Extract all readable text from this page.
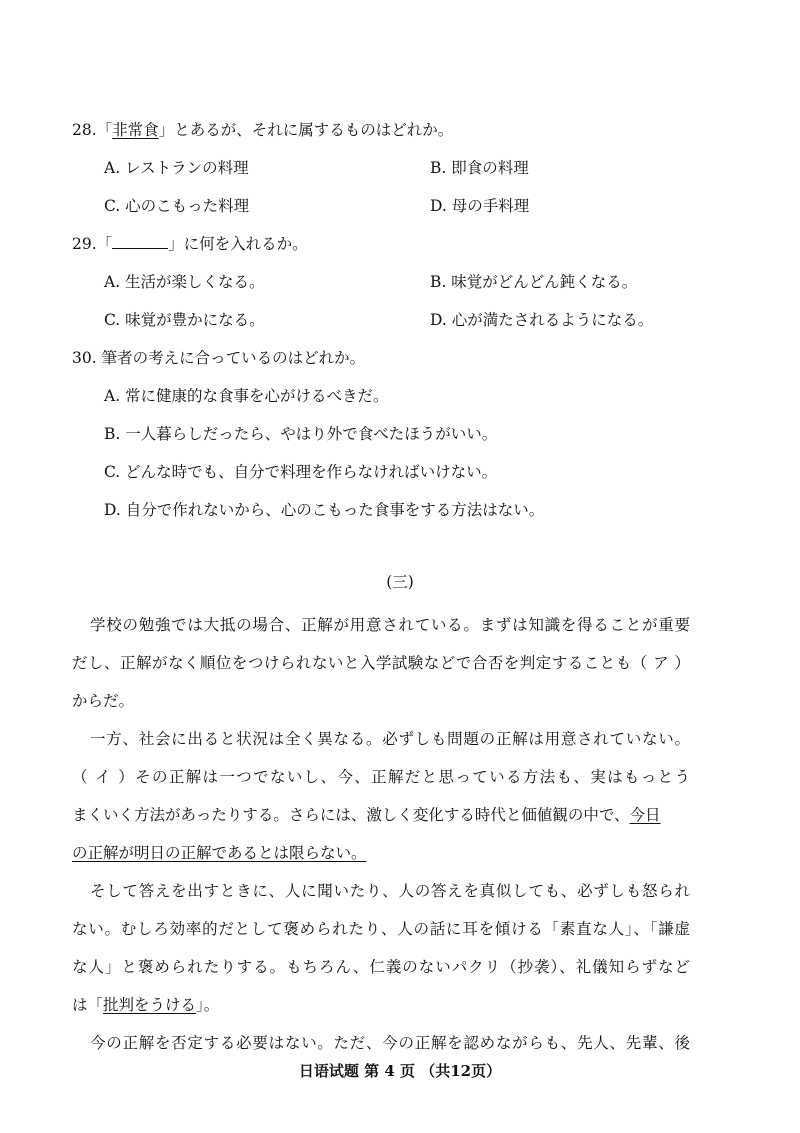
28.「非常食」とあるが、それに属するものはどれか。
A. レストランの料理	B. 即食の料理
C. 心のこもった料理	D. 母の手料理
29.「	」に何を入れるか。
A. 生活が楽しくなる。	B. 味覚がどんどん鈍くなる。
C. 味覚が豊かになる。	D. 心が満たされるようになる。
30. 筆者の考えに合っているのはどれか。
A. 常に健康的な食事を心がけるべきだ。
B. 一人暮らしだったら、やはり外で食べたほうがいい。
C. どんな時でも、自分で料理を作らなければいけない。
D. 自分で作れないから、心のこもった食事をする方法はない。
(三)
学校の勉強では大抵の場合、正解が用意されている。まずは知識を得ることが重要
だし、正解がなく順位をつけられないと入学試験などで合否を判定することも（ ア ）
からだ。
一方、社会に出ると状況は全く異なる。必ずしも問題の正解は用意されていない。
（ イ ）その正解は一つでないし、今、正解だと思っている方法も、実はもっとう
まくいく方法があったりする。さらには、激しく変化する時代と価値観の中で、今日
の正解が明日の正解であるとは限らない。
そして答えを出すときに、人に聞いたり、人の答えを真似しても、必ずしも怒られ
ない。むしろ効率的だとして褒められたり、人の話に耳を傾ける「素直な人」、「謙虚
な人」と褒められたりする。もちろん、仁義のないパクリ（抄袭）、礼儀知らずなど
は「批判をうける」。
今の正解を否定する必要はない。ただ、今の正解を認めながらも、先人、先輩、後
日语试题 第 4 页 （共12页）
